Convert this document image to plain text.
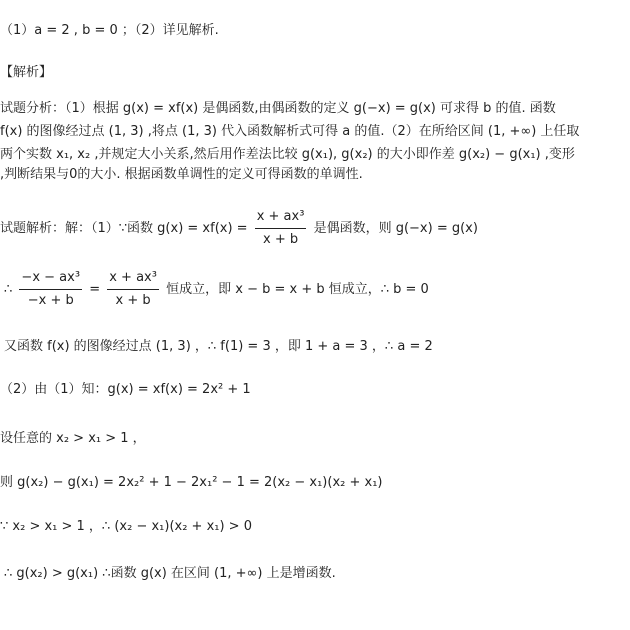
（1）a = 2 , b = 0 ；（2）详见解析.
【解析】
试题分析：（1）根据 g(x) = xf(x) 是偶函数,由偶函数的定义 g(−x) = g(x) 可求得 b 的值. 函数
f(x) 的图像经过点 (1, 3) ,将点 (1, 3) 代入函数解析式可得 a 的值.（2）在所给区间 (1, +∞) 上任取
两个实数 x₁, x₂ ,并规定大小关系,然后用作差法比较 g(x₁), g(x₂) 的大小即作差 g(x₂) − g(x₁) ,变形
,判断结果与0的大小. 根据函数单调性的定义可得函数的单调性.
试题解析：解：（1）∵函数 $g(x) = xf(x) = \frac{\text{x + ax³}}{x + b}$ 是偶函数，则 g(−x) = g(x)
∴ $\frac{\text{−x − ax³}}{-x + b} = \frac{\text{x + ax³}}{x + b}$ 恒成立，即 x − b = x + b 恒成立，∴ b = 0
又函数 f(x) 的图像经过点 (1, 3) ，∴ f(1) = 3 ，即 1 + a = 3 ，∴ a = 2
（2）由（1）知：g(x) = xf(x) = 2x² + 1
设任意的 x₂ > x₁ > 1 ，
则 g(x₂) − g(x₁) = 2x₂² + 1 − 2x₁² − 1 = 2(x₂ − x₁)(x₂ + x₁)
∵ x₂ > x₁ > 1 ，∴ (x₂ − x₁)(x₂ + x₁) > 0
∴ g(x₂) > g(x₁) ∴函数 g(x) 在区间 (1, +∞) 上是增函数.
